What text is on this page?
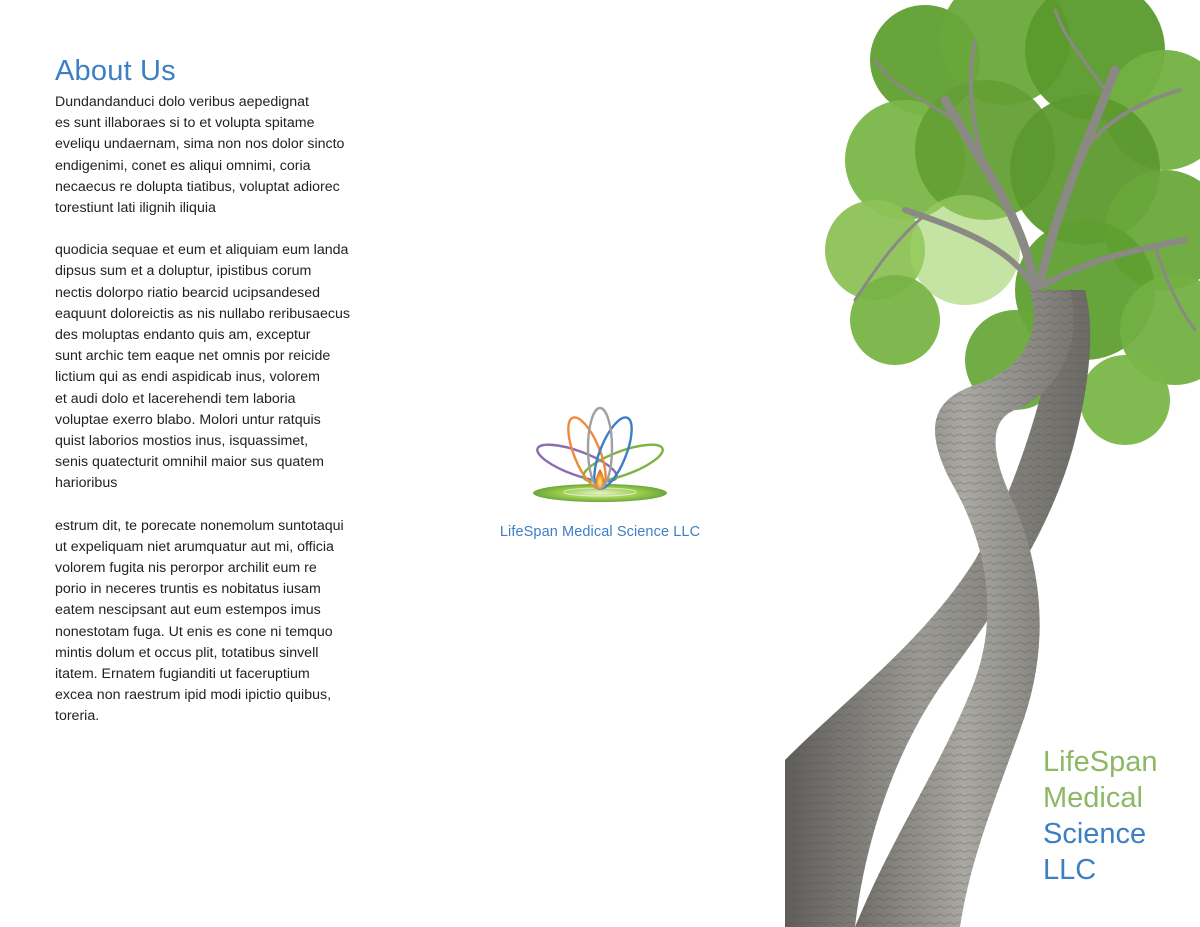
About Us

Dundandanduci dolo veribus aepedignat
es sunt illaboraes si to et volupta spitame
eveliqu undaernam, sima non nos dolor sincto
endigenimi, conet es aliqui omnimi, coria
necaecus re dolupta tiatibus, voluptat adiorec
torestiunt lati ilignih iliquia

quodicia sequae et eum et aliquiam eum landa
dipsus sum et a doluptur, ipistibus corum
nectis dolorpo riatio bearcid ucipsandesed
eaquunt doloreictis as nis nullabo reribusaecus
des moluptas endanto quis am, exceptur
sunt archic tem eaque net omnis por reicide
lictium qui as endi aspidicab inus, volorem
et audi dolo et lacerehendi tem laboria
voluptae exerro blabo. Molori untur ratquis
quist laborios mostios inus, isquassimet,
senis quatecturit omnihil maior sus quatem
harioribus

estrum dit, te porecate nonemolum suntotaqui
ut expeliquam niet arumquatur aut mi, officia
volorem fugita nis perorpor archilit eum re
porio in neceres truntis es nobitatus iusam
eatem nescipsant aut eum estempos imus
nonestotam fuga. Ut enis es cone ni temquo
mintis dolum et occus plit, totatibus sinvell
itatem. Ernatem fugianditi ut faceruptium
excea non raestrum ipid modi ipictio quibus,
toreria.

LifeSpan Medical Science LLC
LifeSpan
Medical
Science
LLC
